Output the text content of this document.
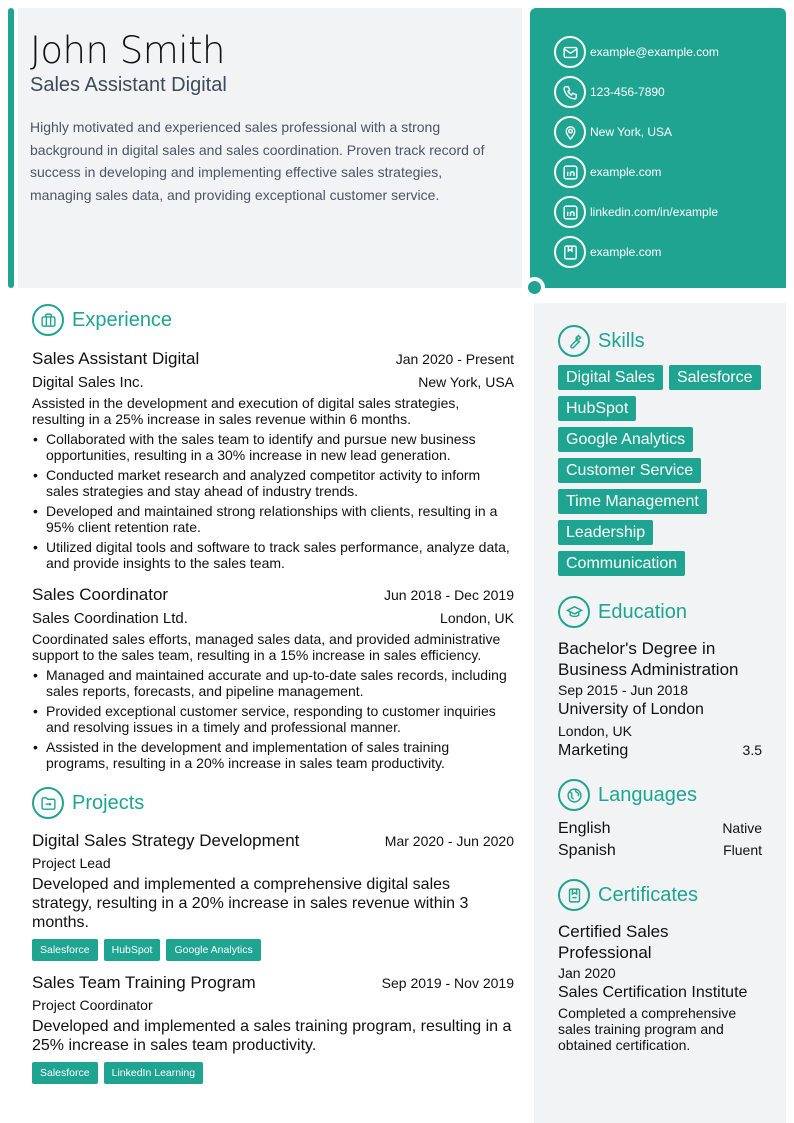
John Smith
Sales Assistant Digital
Highly motivated and experienced sales professional with a strong background in digital sales and sales coordination. Proven track record of success in developing and implementing effective sales strategies, managing sales data, and providing exceptional customer service.
example@example.com
123-456-7890
New York, USA
example.com
linkedin.com/in/example
example.com
Experience
Sales Assistant Digital	Jan 2020 - Present
Digital Sales Inc.	New York, USA
Assisted in the development and execution of digital sales strategies, resulting in a 25% increase in sales revenue within 6 months.
• Collaborated with the sales team to identify and pursue new business opportunities, resulting in a 30% increase in new lead generation.
• Conducted market research and analyzed competitor activity to inform sales strategies and stay ahead of industry trends.
• Developed and maintained strong relationships with clients, resulting in a 95% client retention rate.
• Utilized digital tools and software to track sales performance, analyze data, and provide insights to the sales team.
Sales Coordinator	Jun 2018 - Dec 2019
Sales Coordination Ltd.	London, UK
Coordinated sales efforts, managed sales data, and provided administrative support to the sales team, resulting in a 15% increase in sales efficiency.
• Managed and maintained accurate and up-to-date sales records, including sales reports, forecasts, and pipeline management.
• Provided exceptional customer service, responding to customer inquiries and resolving issues in a timely and professional manner.
• Assisted in the development and implementation of sales training programs, resulting in a 20% increase in sales team productivity.
Projects
Digital Sales Strategy Development	Mar 2020 - Jun 2020
Project Lead
Developed and implemented a comprehensive digital sales strategy, resulting in a 20% increase in sales revenue within 3 months.
Salesforce	HubSpot	Google Analytics
Sales Team Training Program	Sep 2019 - Nov 2019
Project Coordinator
Developed and implemented a sales training program, resulting in a 25% increase in sales team productivity.
Salesforce	LinkedIn Learning
Skills
Digital Sales	Salesforce
HubSpot
Google Analytics
Customer Service
Time Management
Leadership
Communication
Education
Bachelor's Degree in Business Administration
Sep 2015 - Jun 2018
University of London
London, UK
Marketing	3.5
Languages
English	Native
Spanish	Fluent
Certificates
Certified Sales Professional
Jan 2020
Sales Certification Institute
Completed a comprehensive sales training program and obtained certification.
